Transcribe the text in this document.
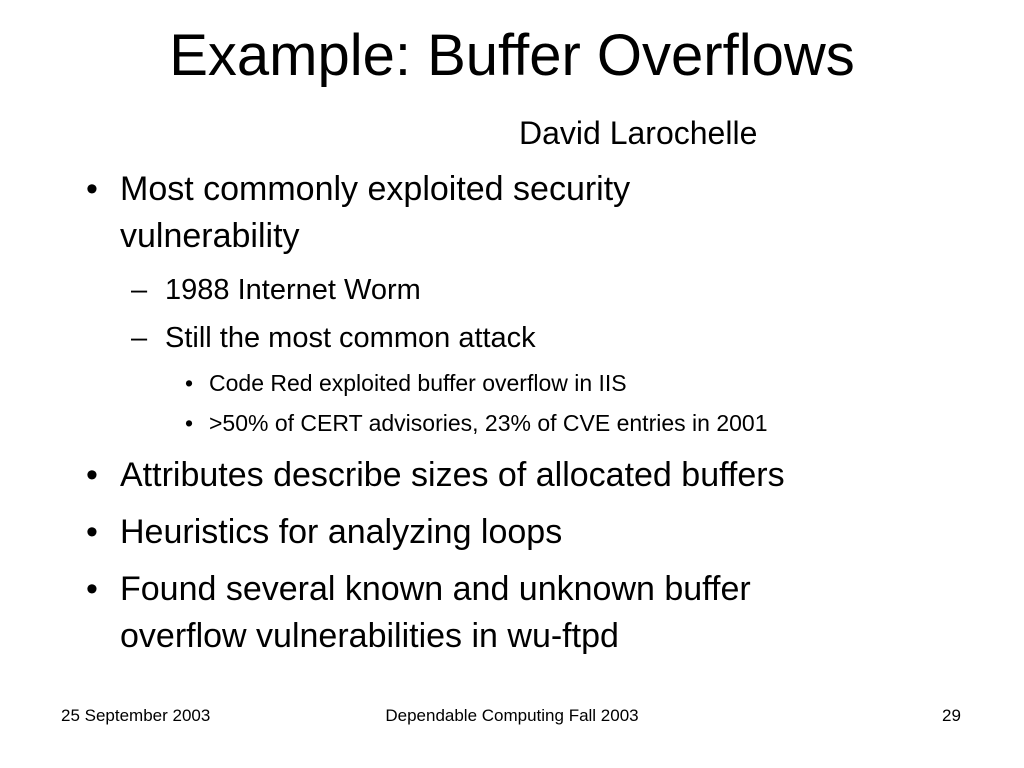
Example: Buffer Overflows
David Larochelle
• Most commonly exploited security
vulnerability
– 1988 Internet Worm
– Still the most common attack
• Code Red exploited buffer overflow in IIS
• >50% of CERT advisories, 23% of CVE entries in 2001
• Attributes describe sizes of allocated buffers
• Heuristics for analyzing loops
• Found several known and unknown buffer
overflow vulnerabilities in wu-ftpd
25 September 2003	Dependable Computing Fall 2003	29
